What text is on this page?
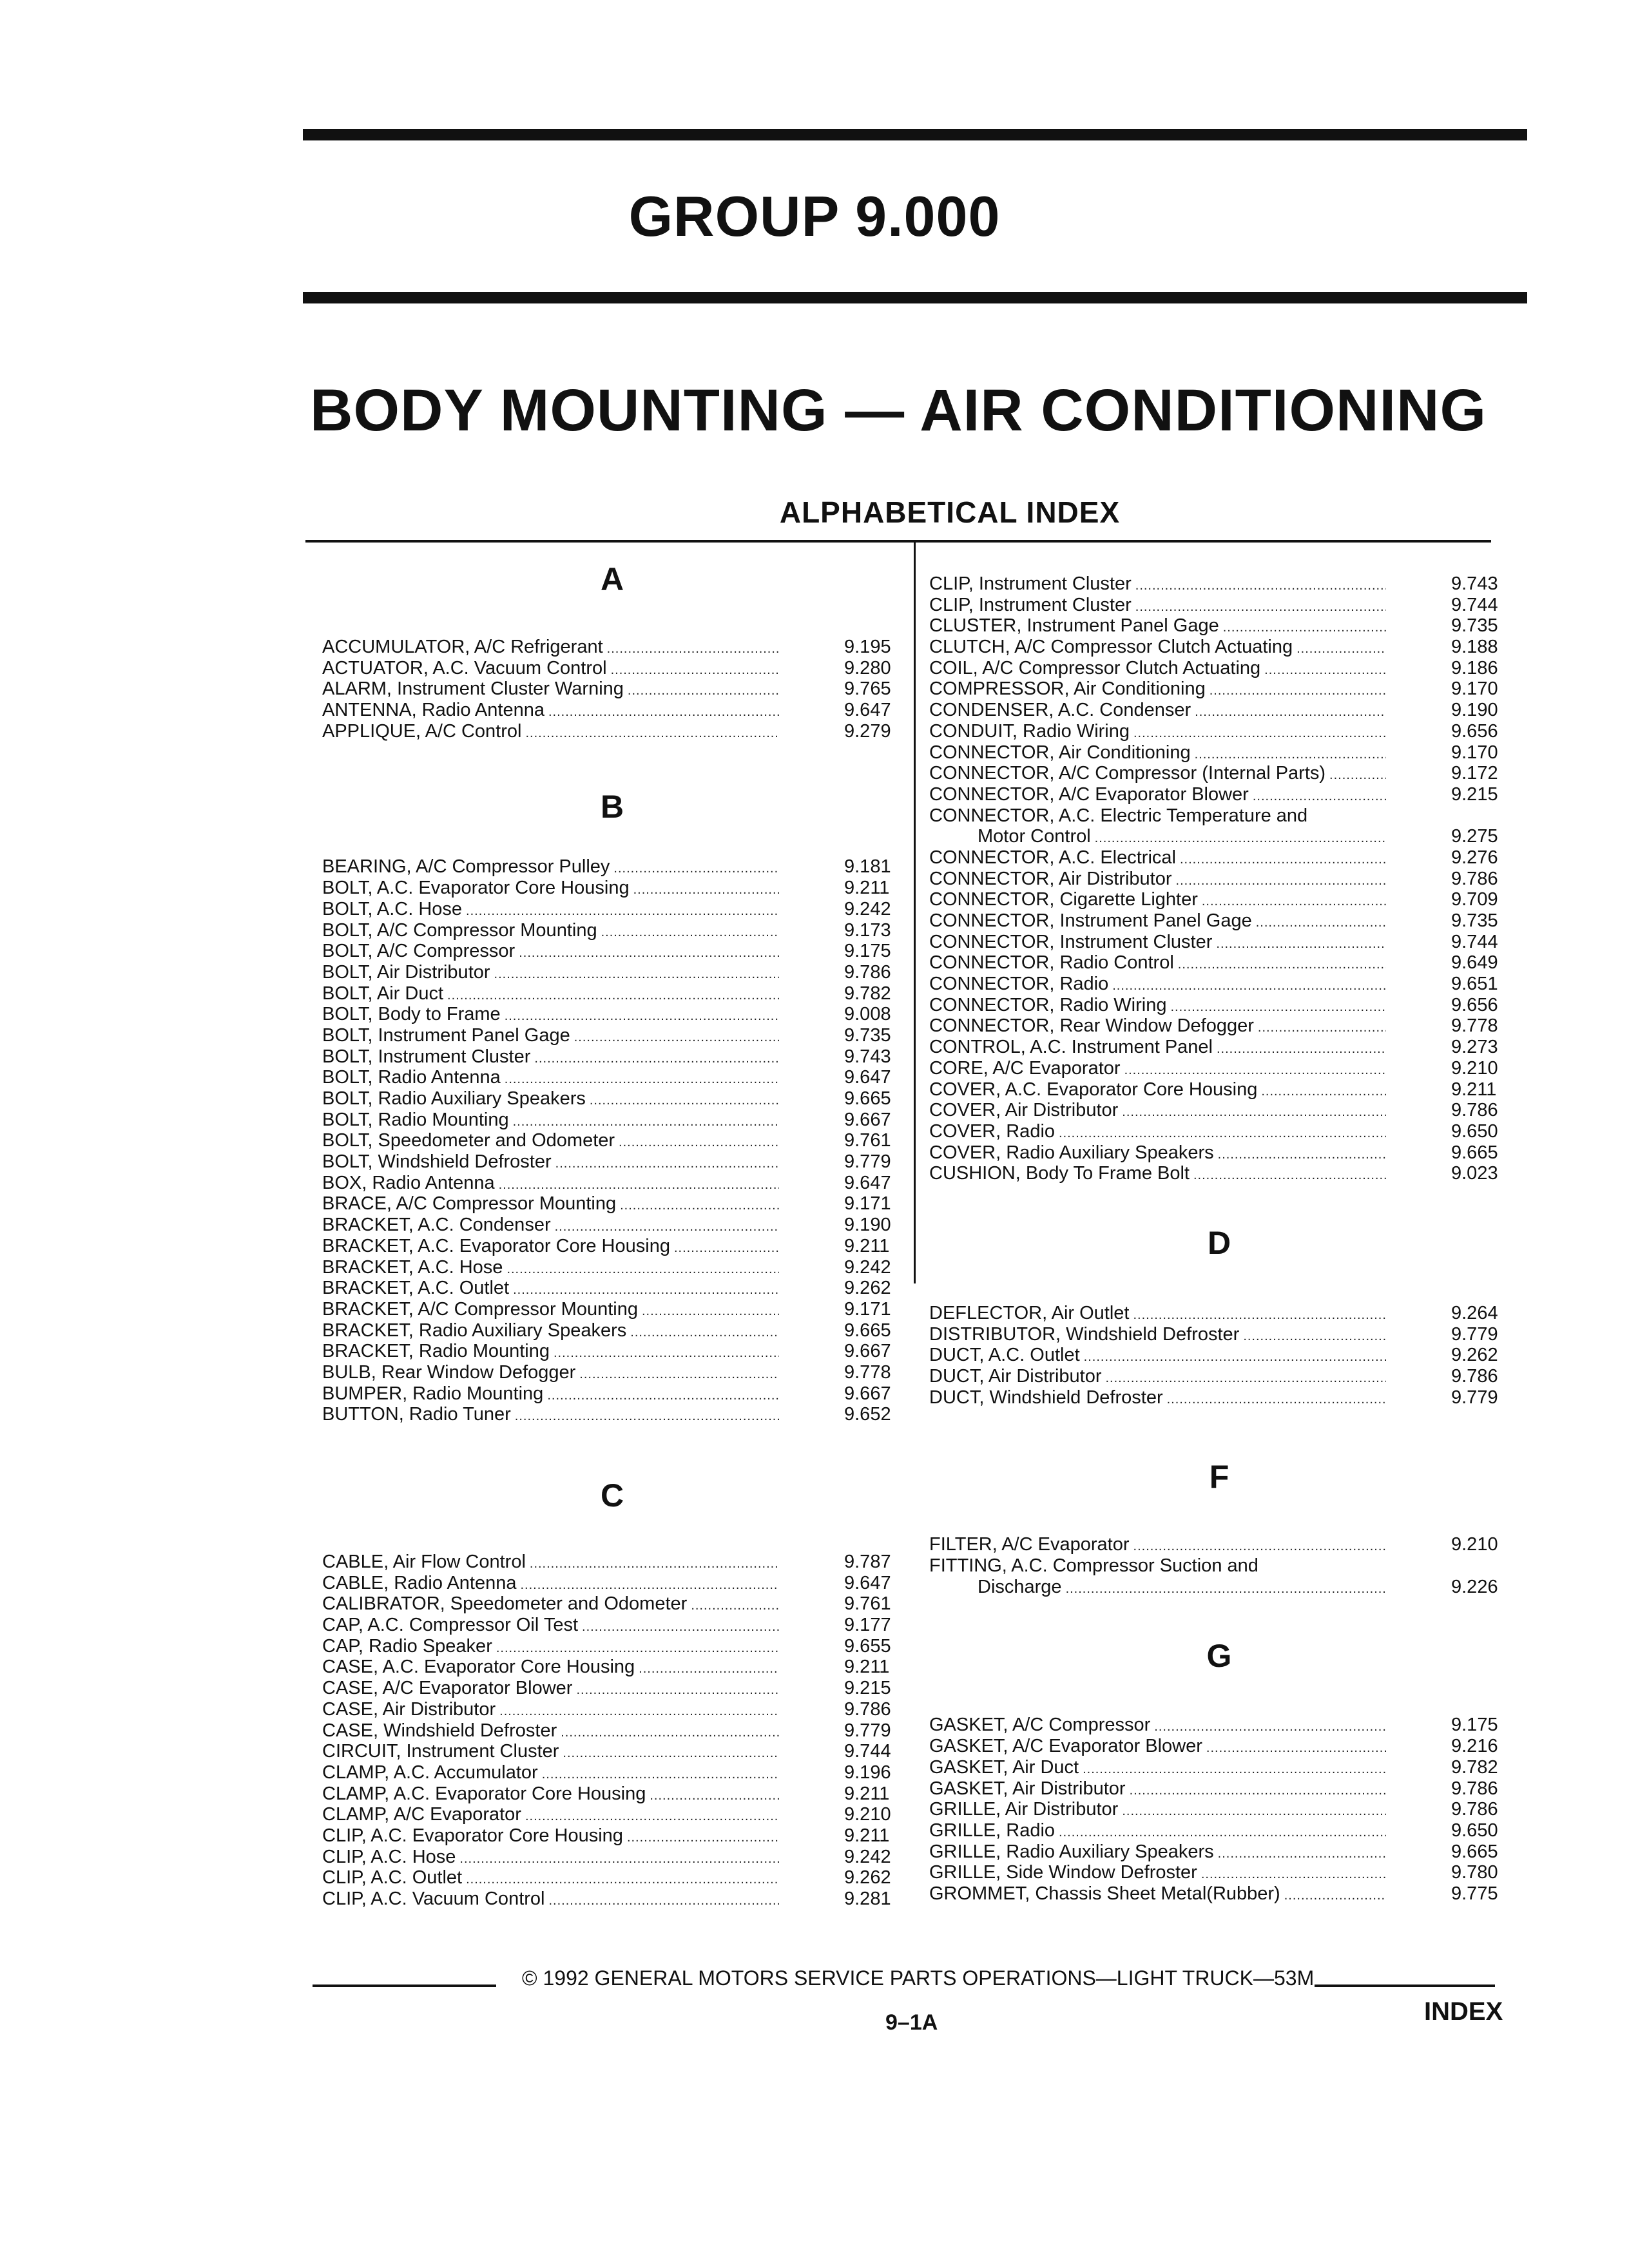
GROUP 9.000
BODY MOUNTING — AIR CONDITIONING
ALPHABETICAL INDEX
A
ACCUMULATOR, A/C Refrigerant .....	9.195
ACTUATOR, A.C. Vacuum Control .....	9.280
ALARM, Instrument Cluster Warning .....	9.765
ANTENNA, Radio Antenna .....	9.647
APPLIQUE, A/C Control .....	9.279
B
BEARING, A/C Compressor Pulley .....	9.181
BOLT, A.C. Evaporator Core Housing .....	9.211
BOLT, A.C. Hose .....	9.242
BOLT, A/C Compressor Mounting .....	9.173
BOLT, A/C Compressor .....	9.175
BOLT, Air Distributor .....	9.786
BOLT, Air Duct .....	9.782
BOLT, Body to Frame .....	9.008
BOLT, Instrument Panel Gage .....	9.735
BOLT, Instrument Cluster .....	9.743
BOLT, Radio Antenna .....	9.647
BOLT, Radio Auxiliary Speakers .....	9.665
BOLT, Radio Mounting .....	9.667
BOLT, Speedometer and Odometer .....	9.761
BOLT, Windshield Defroster .....	9.779
BOX, Radio Antenna .....	9.647
BRACE, A/C Compressor Mounting .....	9.171
BRACKET, A.C. Condenser .....	9.190
BRACKET, A.C. Evaporator Core Housing .....	9.211
BRACKET, A.C. Hose .....	9.242
BRACKET, A.C. Outlet .....	9.262
BRACKET, A/C Compressor Mounting .....	9.171
BRACKET, Radio Auxiliary Speakers .....	9.665
BRACKET, Radio Mounting .....	9.667
BULB, Rear Window Defogger .....	9.778
BUMPER, Radio Mounting .....	9.667
BUTTON, Radio Tuner .....	9.652
C
CABLE, Air Flow Control .....	9.787
CABLE, Radio Antenna .....	9.647
CALIBRATOR, Speedometer and Odometer .....	9.761
CAP, A.C. Compressor Oil Test .....	9.177
CAP, Radio Speaker .....	9.655
CASE, A.C. Evaporator Core Housing .....	9.211
CASE, A/C Evaporator Blower .....	9.215
CASE, Air Distributor .....	9.786
CASE, Windshield Defroster .....	9.779
CIRCUIT, Instrument Cluster .....	9.744
CLAMP, A.C. Accumulator .....	9.196
CLAMP, A.C. Evaporator Core Housing .....	9.211
CLAMP, A/C Evaporator .....	9.210
CLIP, A.C. Evaporator Core Housing .....	9.211
CLIP, A.C. Hose .....	9.242
CLIP, A.C. Outlet .....	9.262
CLIP, A.C. Vacuum Control .....	9.281
CLIP, Instrument Cluster .....	9.743
CLIP, Instrument Cluster .....	9.744
CLUSTER, Instrument Panel Gage .....	9.735
CLUTCH, A/C Compressor Clutch Actuating .....	9.188
COIL, A/C Compressor Clutch Actuating .....	9.186
COMPRESSOR, Air Conditioning .....	9.170
CONDENSER, A.C. Condenser .....	9.190
CONDUIT, Radio Wiring .....	9.656
CONNECTOR, Air Conditioning .....	9.170
CONNECTOR, A/C Compressor (Internal Parts) .....	9.172
CONNECTOR, A/C Evaporator Blower .....	9.215
CONNECTOR, A.C. Electric Temperature and
Motor Control .....	9.275
CONNECTOR, A.C. Electrical .....	9.276
CONNECTOR, Air Distributor .....	9.786
CONNECTOR, Cigarette Lighter .....	9.709
CONNECTOR, Instrument Panel Gage .....	9.735
CONNECTOR, Instrument Cluster .....	9.744
CONNECTOR, Radio Control .....	9.649
CONNECTOR, Radio .....	9.651
CONNECTOR, Radio Wiring .....	9.656
CONNECTOR, Rear Window Defogger .....	9.778
CONTROL, A.C. Instrument Panel .....	9.273
CORE, A/C Evaporator .....	9.210
COVER, A.C. Evaporator Core Housing .....	9.211
COVER, Air Distributor .....	9.786
COVER, Radio .....	9.650
COVER, Radio Auxiliary Speakers .....	9.665
CUSHION, Body To Frame Bolt .....	9.023
D
DEFLECTOR, Air Outlet .....	9.264
DISTRIBUTOR, Windshield Defroster .....	9.779
DUCT, A.C. Outlet .....	9.262
DUCT, Air Distributor .....	9.786
DUCT, Windshield Defroster .....	9.779
F
FILTER, A/C Evaporator .....	9.210
FITTING, A.C. Compressor Suction and
Discharge .....	9.226
G
GASKET, A/C Compressor .....	9.175
GASKET, A/C Evaporator Blower .....	9.216
GASKET, Air Duct .....	9.782
GASKET, Air Distributor .....	9.786
GRILLE, Air Distributor .....	9.786
GRILLE, Radio .....	9.650
GRILLE, Radio Auxiliary Speakers .....	9.665
GRILLE, Side Window Defroster .....	9.780
GROMMET, Chassis Sheet Metal(Rubber) .....	9.775
© 1992 GENERAL MOTORS SERVICE PARTS OPERATIONS—LIGHT TRUCK—53M
9–1A	INDEX
